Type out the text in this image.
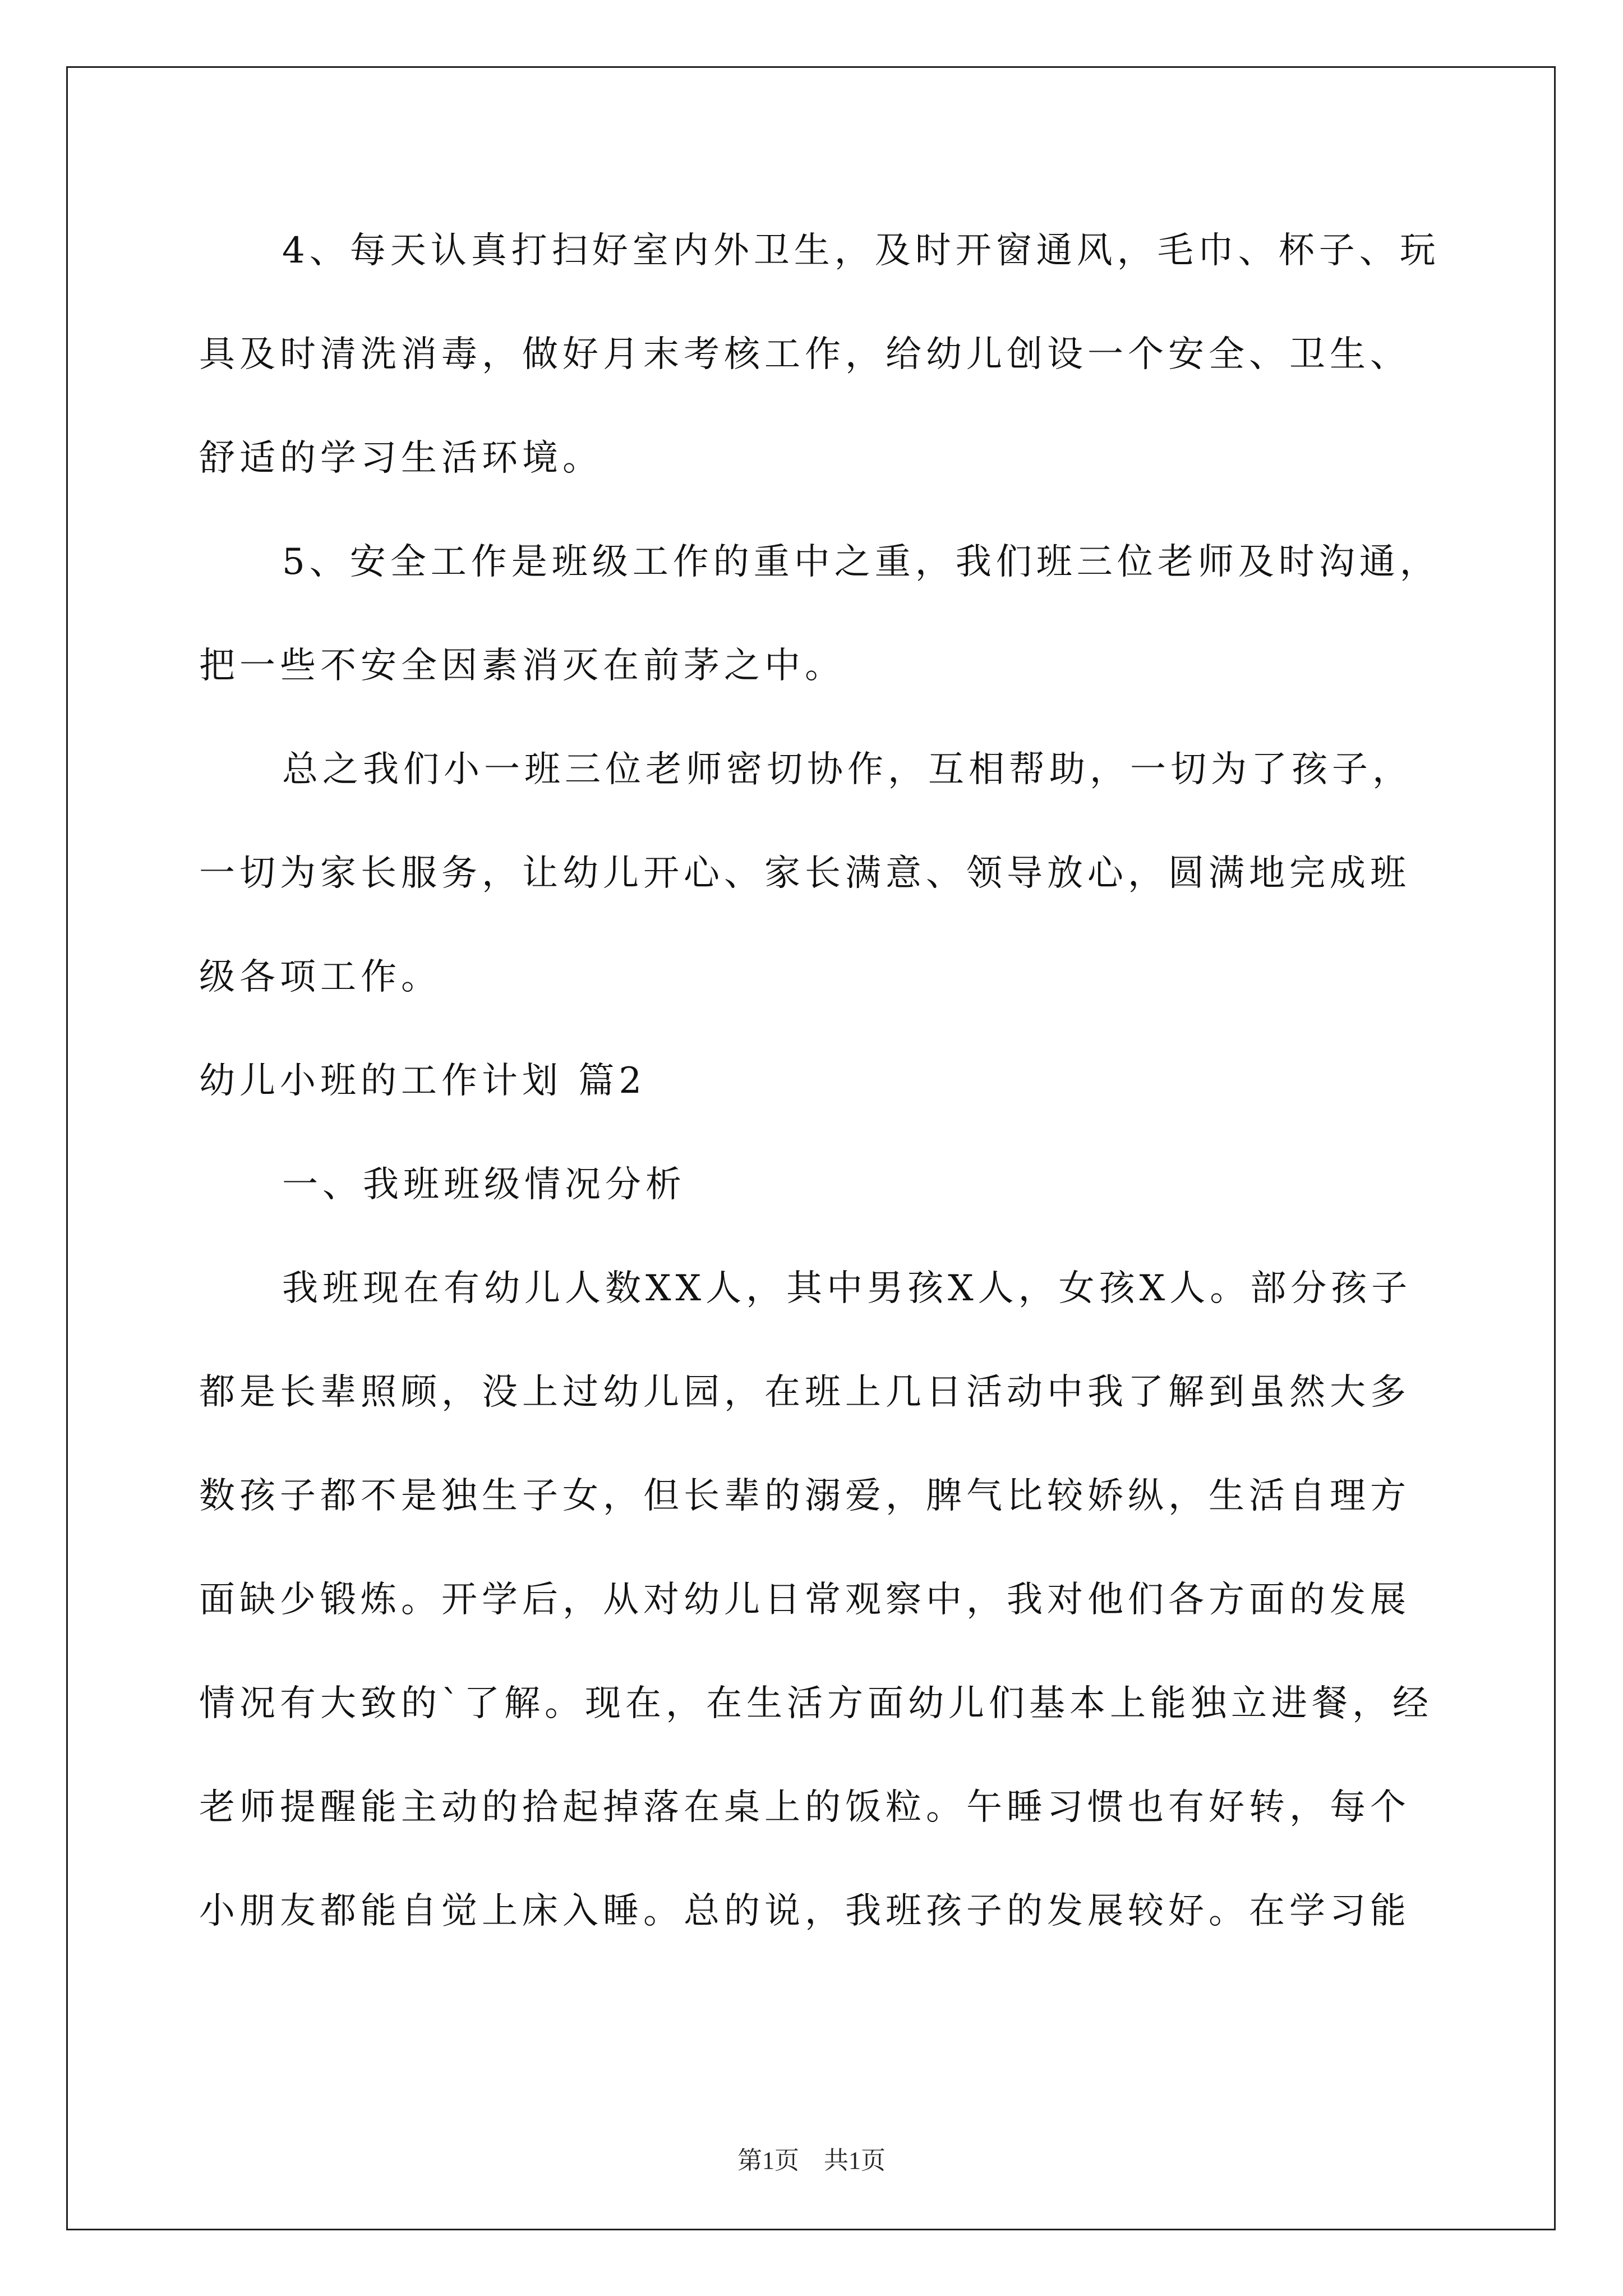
4、每天认真打扫好室内外卫生，及时开窗通风，毛巾、杯子、玩
具及时清洗消毒，做好月末考核工作，给幼儿创设一个安全、卫生、
舒适的学习生活环境。
5、安全工作是班级工作的重中之重，我们班三位老师及时沟通，
把一些不安全因素消灭在前茅之中。
总之我们小一班三位老师密切协作，互相帮助，一切为了孩子，
一切为家长服务，让幼儿开心、家长满意、领导放心，圆满地完成班
级各项工作。
幼儿小班的工作计划 篇2
一、我班班级情况分析
我班现在有幼儿人数XX人，其中男孩X人，女孩X人。部分孩子
都是长辈照顾，没上过幼儿园，在班上几日活动中我了解到虽然大多
数孩子都不是独生子女，但长辈的溺爱，脾气比较娇纵，生活自理方
面缺少锻炼。开学后，从对幼儿日常观察中，我对他们各方面的发展
情况有大致的`了解。现在，在生活方面幼儿们基本上能独立进餐，经
老师提醒能主动的拾起掉落在桌上的饭粒。午睡习惯也有好转，每个
小朋友都能自觉上床入睡。总的说，我班孩子的发展较好。在学习能
第1页　共1页
